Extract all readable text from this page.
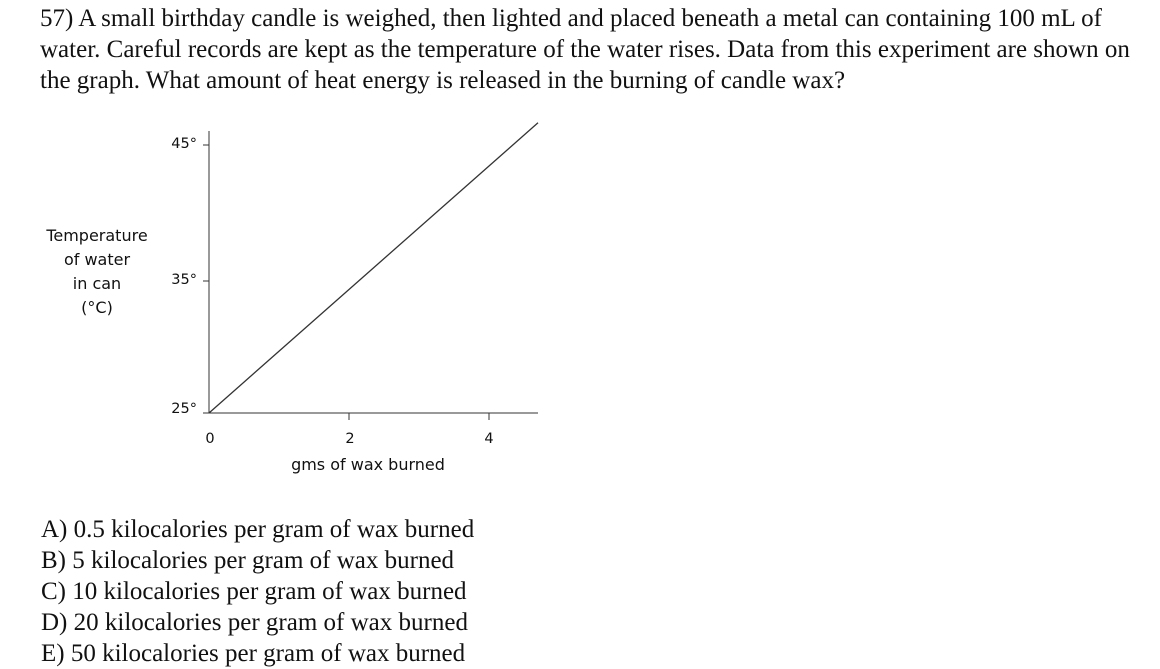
57) A small birthday candle is weighed, then lighted and placed beneath a metal can containing 100 mL of water. Careful records are kept as the temperature of the water rises. Data from this experiment are shown on the graph. What amount of heat energy is released in the burning of candle wax?

Temperature
of water
in can
(°C)
45°
35°
25°
0	2	4
gms of wax burned
A) 0.5 kilocalories per gram of wax burned
B) 5 kilocalories per gram of wax burned
C) 10 kilocalories per gram of wax burned
D) 20 kilocalories per gram of wax burned
E) 50 kilocalories per gram of wax burned
